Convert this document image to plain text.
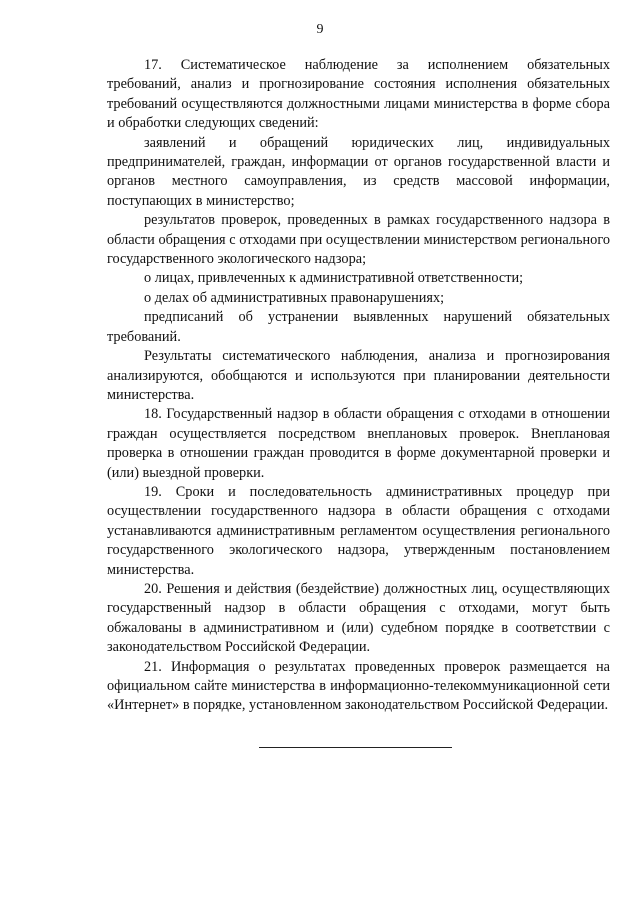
9

17. Систематическое наблюдение за исполнением обязательных требований, анализ и прогнозирование состояния исполнения обязательных требований осуществляются должностными лицами министерства в форме сбора и обработки следующих сведений:

заявлений и обращений юридических лиц, индивидуальных предпринимателей, граждан, информации от органов государственной власти и органов местного самоуправления, из средств массовой информации, поступающих в министерство;

результатов проверок, проведенных в рамках государственного надзора в области обращения с отходами при осуществлении министерством регионального государственного экологического надзора;

о лицах, привлеченных к административной ответственности;

о делах об административных правонарушениях;

предписаний об устранении выявленных нарушений обязательных требований.

Результаты систематического наблюдения, анализа и прогнозирования анализируются, обобщаются и используются при планировании деятельности министерства.

18. Государственный надзор в области обращения с отходами в отношении граждан осуществляется посредством внеплановых проверок. Внеплановая проверка в отношении граждан проводится в форме документарной проверки и (или) выездной проверки.

19. Сроки и последовательность административных процедур при осуществлении государственного надзора в области обращения с отходами устанавливаются административным регламентом осуществления регионального государственного экологического надзора, утвержденным постановлением министерства.

20. Решения и действия (бездействие) должностных лиц, осуществляющих государственный надзор в области обращения с отходами, могут быть обжалованы в административном и (или) судебном порядке в соответствии с законодательством Российской Федерации.

21. Информация о результатах проведенных проверок размещается на официальном сайте министерства в информационно-телекоммуникационной сети «Интернет» в порядке, установленном законодательством Российской Федерации.
